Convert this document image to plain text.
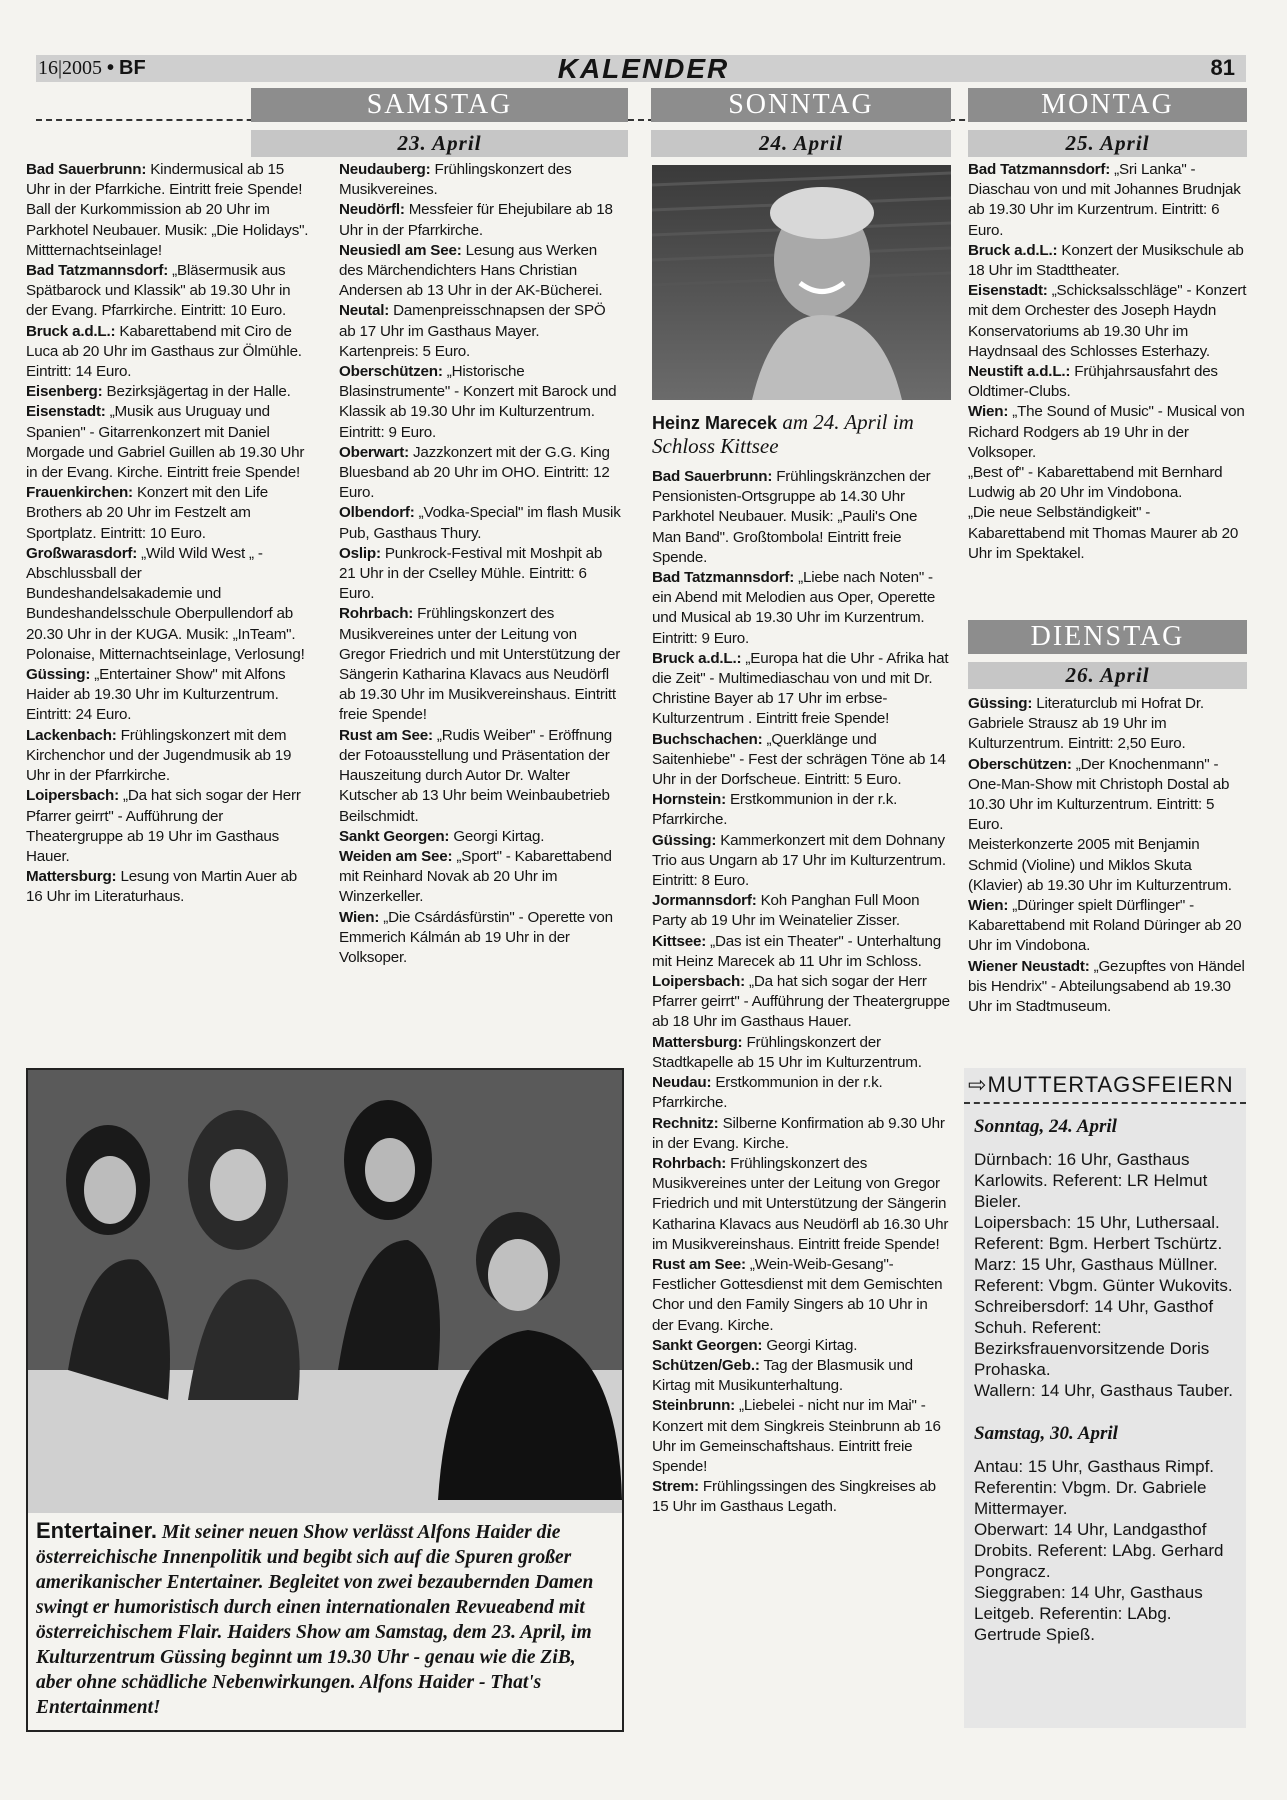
16|2005 • BF	KALENDER	81
SAMSTAG
23. April
SONNTAG
24. April
MONTAG
25. April

Bad Sauerbrunn: Kindermusical ab 15 Uhr in der Pfarrkiche. Eintritt freie Spende!

Ball der Kurkommission ab 20 Uhr im Parkhotel Neubauer. Musik: „Die Holidays". Mittternachtseinlage!

Bad Tatzmannsdorf: „Bläsermusik aus Spätbarock und Klassik" ab 19.30 Uhr in der Evang. Pfarrkirche. Eintritt: 10 Euro.

Bruck a.d.L.: Kabarettabend mit Ciro de Luca ab 20 Uhr im Gasthaus zur Ölmühle. Eintritt: 14 Euro.

Eisenberg: Bezirksjägertag in der Halle.

Eisenstadt: „Musik aus Uruguay und Spanien" - Gitarrenkonzert mit Daniel Morgade und Gabriel Guillen ab 19.30 Uhr in der Evang. Kirche. Eintritt freie Spende!

Frauenkirchen: Konzert mit den Life Brothers ab 20 Uhr im Festzelt am Sportplatz. Eintritt: 10 Euro.

Großwarasdorf: „Wild Wild West „ - Abschlussball der Bundeshandelsakademie und Bundeshandelsschule Oberpullendorf ab 20.30 Uhr in der KUGA. Musik: „InTeam". Polonaise, Mitternachtseinlage, Verlosung!

Güssing: „Entertainer Show" mit Alfons Haider ab 19.30 Uhr im Kulturzentrum. Eintritt: 24 Euro.

Lackenbach: Frühlingskonzert mit dem Kirchenchor und der Jugendmusik ab 19 Uhr in der Pfarrkirche.

Loipersbach: „Da hat sich sogar der Herr Pfarrer geirrt" - Aufführung der Theatergruppe ab 19 Uhr im Gasthaus Hauer.

Mattersburg: Lesung von Martin Auer ab 16 Uhr im Literaturhaus.

Neudauberg: Frühlingskonzert des Musikvereines.

Neudörfl: Messfeier für Ehejubilare ab 18 Uhr in der Pfarrkirche.

Neusiedl am See: Lesung aus Werken des Märchendichters Hans Christian Andersen ab 13 Uhr in der AK-Bücherei.

Neutal: Damenpreisschnapsen der SPÖ ab 17 Uhr im Gasthaus Mayer. Kartenpreis: 5 Euro.

Oberschützen: „Historische Blasinstrumente" - Konzert mit Barock und Klassik ab 19.30 Uhr im Kulturzentrum. Eintritt: 9 Euro.

Oberwart: Jazzkonzert mit der G.G. King Bluesband ab 20 Uhr im OHO. Eintritt: 12 Euro.

Olbendorf: „Vodka-Special" im flash Musik Pub, Gasthaus Thury.

Oslip: Punkrock-Festival mit Moshpit ab 21 Uhr in der Cselley Mühle. Eintritt: 6 Euro.

Rohrbach: Frühlingskonzert des Musikvereines unter der Leitung von Gregor Friedrich und mit Unterstützung der Sängerin Katharina Klavacs aus Neudörfl ab 19.30 Uhr im Musikvereinshaus. Eintritt freie Spende!

Rust am See: „Rudis Weiber" - Eröffnung der Fotoausstellung und Präsentation der Hauszeitung durch Autor Dr. Walter Kutscher ab 13 Uhr beim Weinbaubetrieb Beilschmidt.

Sankt Georgen: Georgi Kirtag.

Weiden am See: „Sport" - Kabarettabend mit Reinhard Novak ab 20 Uhr im Winzerkeller.

Wien: „Die Csárdásfürstin" - Operette von Emmerich Kálmán ab 19 Uhr in der Volksoper.

Heinz Marecek am 24. April im Schloss Kittsee

Bad Sauerbrunn: Frühlingskränzchen der Pensionisten-Ortsgruppe ab 14.30 Uhr Parkhotel Neubauer. Musik: „Pauli's One Man Band". Großtombola! Eintritt freie Spende.

Bad Tatzmannsdorf: „Liebe nach Noten" - ein Abend mit Melodien aus Oper, Operette und Musical ab 19.30 Uhr im Kurzentrum. Eintritt: 9 Euro.

Bruck a.d.L.: „Europa hat die Uhr - Afrika hat die Zeit" - Multimediaschau von und mit Dr. Christine Bayer ab 17 Uhr im erbse-Kulturzentrum . Eintritt freie Spende!

Buchschachen: „Querklänge und Saitenhiebe" - Fest der schrägen Töne ab 14 Uhr in der Dorfscheue. Eintritt: 5 Euro.

Hornstein: Erstkommunion in der r.k. Pfarrkirche.

Güssing: Kammerkonzert mit dem Dohnany Trio aus Ungarn ab 17 Uhr im Kulturzentrum. Eintritt: 8 Euro.

Jormannsdorf: Koh Panghan Full Moon Party ab 19 Uhr im Weinatelier Zisser.

Kittsee: „Das ist ein Theater" - Unterhaltung mit Heinz Marecek ab 11 Uhr im Schloss.

Loipersbach: „Da hat sich sogar der Herr Pfarrer geirrt" - Aufführung der Theatergruppe ab 18 Uhr im Gasthaus Hauer.

Mattersburg: Frühlingskonzert der Stadtkapelle ab 15 Uhr im Kulturzentrum.

Neudau: Erstkommunion in der r.k. Pfarrkirche.

Rechnitz: Silberne Konfirmation ab 9.30 Uhr in der Evang. Kirche.

Rohrbach: Frühlingskonzert des Musikvereines unter der Leitung von Gregor Friedrich und mit Unterstützung der Sängerin Katharina Klavacs aus Neudörfl ab 16.30 Uhr im Musikvereinshaus. Eintritt freide Spende!

Rust am See: „Wein-Weib-Gesang"- Festlicher Gottesdienst mit dem Gemischten Chor und den Family Singers ab 10 Uhr in der Evang. Kirche.

Sankt Georgen: Georgi Kirtag.

Schützen/Geb.: Tag der Blasmusik und Kirtag mit Musikunterhaltung.

Steinbrunn: „Liebelei - nicht nur im Mai" - Konzert mit dem Singkreis Steinbrunn ab 16 Uhr im Gemeinschaftshaus. Eintritt freie Spende!

Strem: Frühlingssingen des Singkreises ab 15 Uhr im Gasthaus Legath.

Bad Tatzmannsdorf: „Sri Lanka" - Diaschau von und mit Johannes Brudnjak ab 19.30 Uhr im Kurzentrum. Eintritt: 6 Euro.

Bruck a.d.L.: Konzert der Musikschule ab 18 Uhr im Stadttheater.

Eisenstadt: „Schicksalsschläge" - Konzert mit dem Orchester des Joseph Haydn Konservatoriums ab 19.30 Uhr im Haydnsaal des Schlosses Esterhazy.

Neustift a.d.L.: Frühjahrsausfahrt des Oldtimer-Clubs.

Wien: „The Sound of Music" - Musical von Richard Rodgers ab 19 Uhr in der Volksoper.

„Best of" - Kabarettabend mit Bernhard Ludwig ab 20 Uhr im Vindobona.

„Die neue Selbständigkeit" - Kabarettabend mit Thomas Maurer ab 20 Uhr im Spektakel.

DIENSTAG
26. April

Güssing: Literaturclub mi Hofrat Dr. Gabriele Strausz ab 19 Uhr im Kulturzentrum. Eintritt: 2,50 Euro.

Oberschützen: „Der Knochenmann" - One-Man-Show mit Christoph Dostal ab 10.30 Uhr im Kulturzentrum. Eintritt: 5 Euro.

Meisterkonzerte 2005 mit Benjamin Schmid (Violine) und Miklos Skuta (Klavier) ab 19.30 Uhr im Kulturzentrum.

Wien: „Düringer spielt Dürflinger" - Kabarettabend mit Roland Düringer ab 20 Uhr im Vindobona.

Wiener Neustadt: „Gezupftes von Händel bis Hendrix" - Abteilungsabend ab 19.30 Uhr im Stadtmuseum.

⇨MUTTERTAGSFEIERN
Sonntag, 24. April

Dürnbach: 16 Uhr, Gasthaus Karlowits. Referent: LR Helmut Bieler.

Loipersbach: 15 Uhr, Luthersaal. Referent: Bgm. Herbert Tschürtz.

Marz: 15 Uhr, Gasthaus Müllner. Referent: Vbgm. Günter Wukovits.

Schreibersdorf: 14 Uhr, Gasthof Schuh. Referent: Bezirksfrauenvorsitzende Doris Prohaska.

Wallern: 14 Uhr, Gasthaus Tauber.

Samstag, 30. April

Antau: 15 Uhr, Gasthaus Rimpf. Referentin: Vbgm. Dr. Gabriele Mittermayer.

Oberwart: 14 Uhr, Landgasthof Drobits. Referent: LAbg. Gerhard Pongracz.

Sieggraben: 14 Uhr, Gasthaus Leitgeb. Referentin: LAbg. Gertrude Spieß.

Entertainer. Mit seiner neuen Show verlässt Alfons Haider die österreichische Innenpolitik und begibt sich auf die Spuren großer amerikanischer Entertainer. Begleitet von zwei bezaubernden Damen swingt er humoristisch durch einen internationalen Revueabend mit österreichischem Flair. Haiders Show am Samstag, dem 23. April, im Kulturzentrum Güssing beginnt um 19.30 Uhr - genau wie die ZiB, aber ohne schädliche Nebenwirkungen. Alfons Haider - That's Entertainment!
